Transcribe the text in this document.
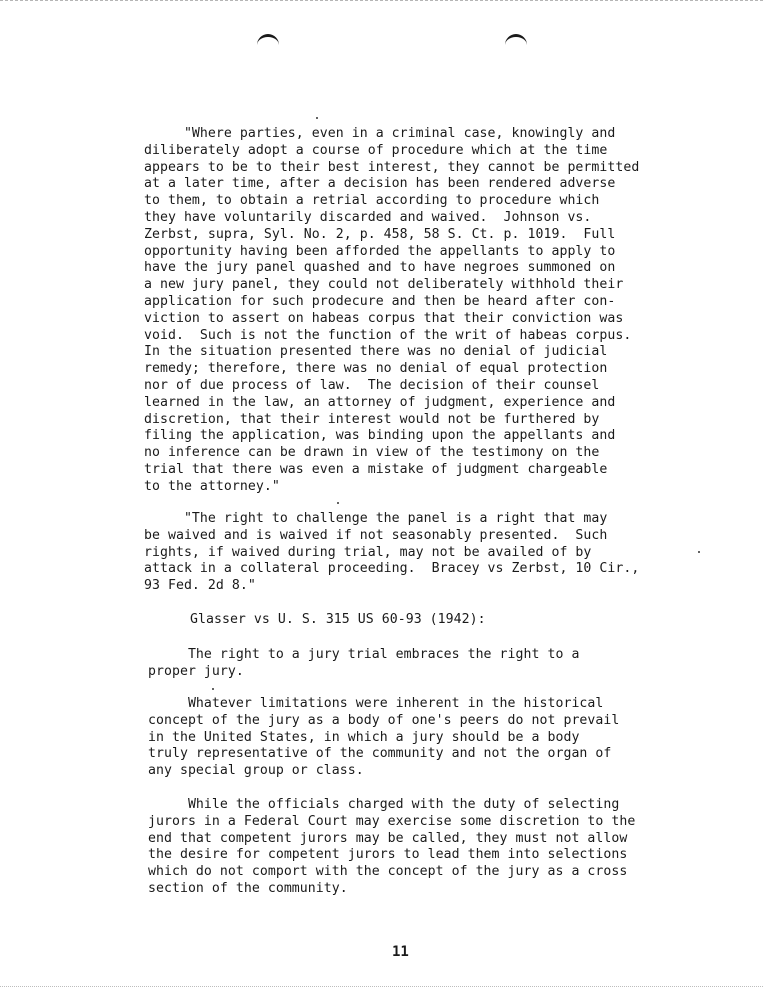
"Where parties, even in a criminal case, knowingly and
diliberately adopt a course of procedure which at the time
appears to be to their best interest, they cannot be permitted
at a later time, after a decision has been rendered adverse
to them, to obtain a retrial according to procedure which
they have voluntarily discarded and waived.  Johnson vs.
Zerbst, supra, Syl. No. 2, p. 458, 58 S. Ct. p. 1019.  Full
opportunity having been afforded the appellants to apply to
have the jury panel quashed and to have negroes summoned on
a new jury panel, they could not deliberately withhold their
application for such prodecure and then be heard after con-
viction to assert on habeas corpus that their conviction was
void.  Such is not the function of the writ of habeas corpus.
In the situation presented there was no denial of judicial
remedy; therefore, there was no denial of equal protection
nor of due process of law.  The decision of their counsel
learned in the law, an attorney of judgment, experience and
discretion, that their interest would not be furthered by
filing the application, was binding upon the appellants and
no inference can be drawn in view of the testimony on the
trial that there was even a mistake of judgment chargeable
to the attorney."
"The right to challenge the panel is a right that may
be waived and is waived if not seasonably presented.  Such
rights, if waived during trial, may not be availed of by
attack in a collateral proceeding.  Bracey vs Zerbst, 10 Cir.,
93 Fed. 2d 8."
Glasser vs U. S. 315 US 60-93 (1942):
The right to a jury trial embraces the right to a
proper jury.
Whatever limitations were inherent in the historical
concept of the jury as a body of one's peers do not prevail
in the United States, in which a jury should be a body
truly representative of the community and not the organ of
any special group or class.
While the officials charged with the duty of selecting
jurors in a Federal Court may exercise some discretion to the
end that competent jurors may be called, they must not allow
the desire for competent jurors to lead them into selections
which do not comport with the concept of the jury as a cross
section of the community.
11
